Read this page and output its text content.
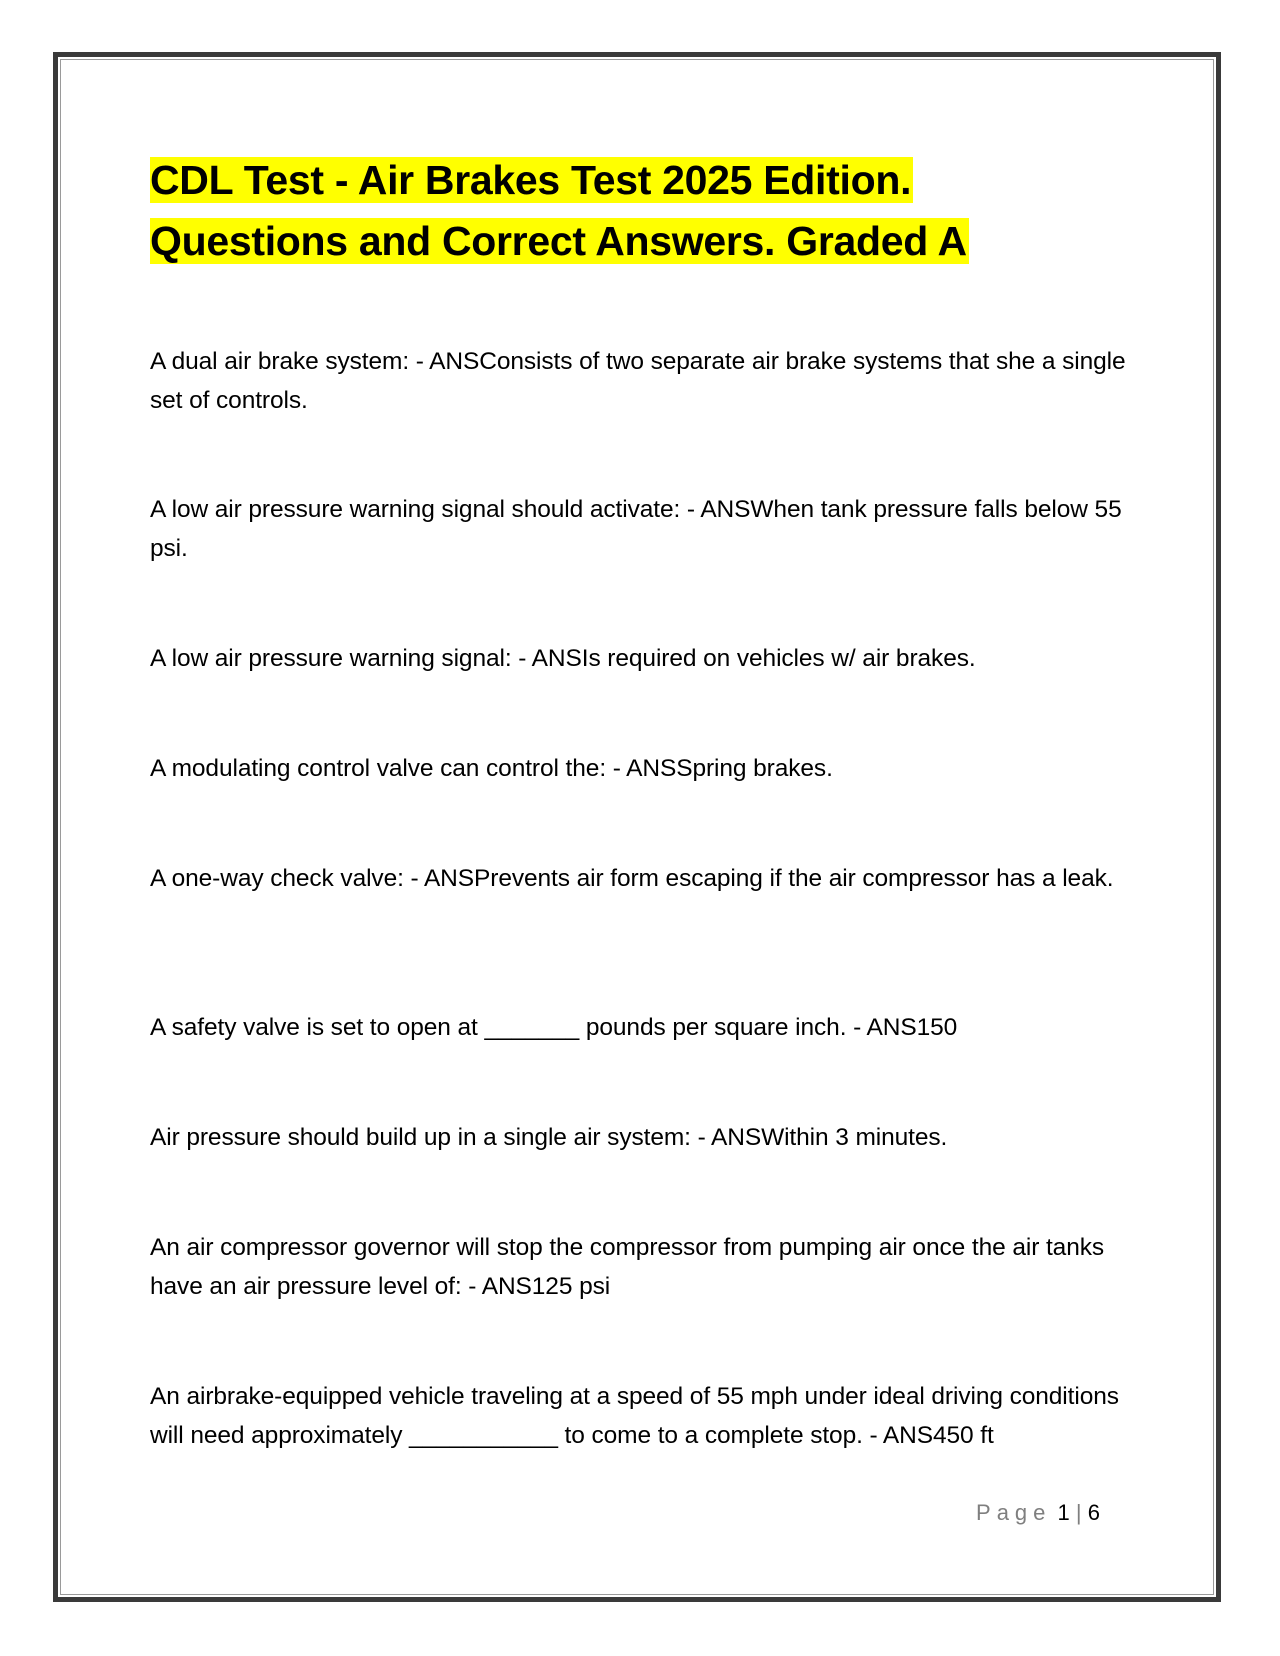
CDL Test - Air Brakes Test 2025 Edition.
Questions and Correct Answers. Graded A

A dual air brake system: - ANSConsists of two separate air brake systems that she a single set of controls.

A low air pressure warning signal should activate: - ANSWhen tank pressure falls below 55 psi.

A low air pressure warning signal: - ANSIs required on vehicles w/ air brakes.

A modulating control valve can control the: - ANSSpring brakes.

A one-way check valve: - ANSPrevents air form escaping if the air compressor has a leak.

A safety valve is set to open at _______ pounds per square inch. - ANS150

Air pressure should build up in a single air system: - ANSWithin 3 minutes.

An air compressor governor will stop the compressor from pumping air once the air tanks have an air pressure level of: - ANS125 psi

An airbrake-equipped vehicle traveling at a speed of 55 mph under ideal driving conditions will need approximately ___________ to come to a complete stop. - ANS450 ft

Page 1 | 6
